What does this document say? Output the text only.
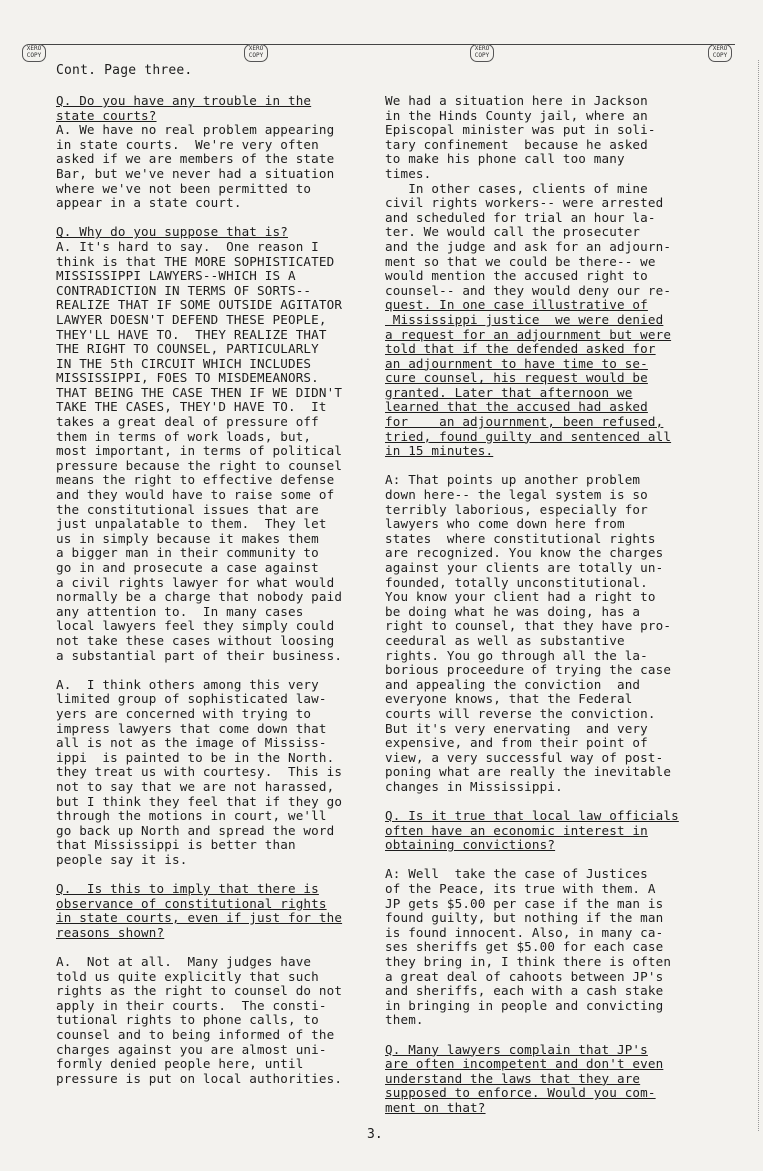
XERO COPY
XERO COPY
XERO COPY
XERO COPY
Cont. Page three.
Q. Do you have any trouble in the
state courts?
A. We have no real problem appearing
in state courts.  We're very often
asked if we are members of the state
Bar, but we've never had a situation
where we've not been permitted to
appear in a state court.
Q. Why do you suppose that is?
A. It's hard to say.  One reason I
think is that THE MORE SOPHISTICATED
MISSISSIPPI LAWYERS--WHICH IS A
CONTRADICTION IN TERMS OF SORTS--
REALIZE THAT IF SOME OUTSIDE AGITATOR
LAWYER DOESN'T DEFEND THESE PEOPLE,
THEY'LL HAVE TO.  THEY REALIZE THAT
THE RIGHT TO COUNSEL, PARTICULARLY
IN THE 5th CIRCUIT WHICH INCLUDES
MISSISSIPPI, FOES TO MISDEMEANORS.
THAT BEING THE CASE THEN IF WE DIDN'T
TAKE THE CASES, THEY'D HAVE TO.  It
takes a great deal of pressure off
them in terms of work loads, but,
most important, in terms of political
pressure because the right to counsel
means the right to effective defense
and they would have to raise some of
the constitutional issues that are
just unpalatable to them.  They let
us in simply because it makes them
a bigger man in their community to
go in and prosecute a case against
a civil rights lawyer for what would
normally be a charge that nobody paid
any attention to.  In many cases
local lawyers feel they simply could
not take these cases without loosing
a substantial part of their business.
A.  I think others among this very
limited group of sophisticated law-
yers are concerned with trying to
impress lawyers that come down that
all is not as the image of Mississ-
ippi  is painted to be in the North.
they treat us with courtesy.  This is
not to say that we are not harassed,
but I think they feel that if they go
through the motions in court, we'll
go back up North and spread the word
that Mississippi is better than
people say it is.
Q.  Is this to imply that there is
observance of constitutional rights
in state courts, even if just for the
reasons shown?
A.  Not at all.  Many judges have
told us quite explicitly that such
rights as the right to counsel do not
apply in their courts.  The consti-
tutional rights to phone calls, to
counsel and to being informed of the
charges against you are almost uni-
formly denied people here, until
pressure is put on local authorities.
We had a situation here in Jackson
in the Hinds County jail, where an
Episcopal minister was put in soli-
tary confinement  because he asked
to make his phone call too many
times.
In other cases, clients of mine
civil rights workers-- were arrested
and scheduled for trial an hour la-
ter. We would call the prosecuter
and the judge and ask for an adjourn-
ment so that we could be there-- we
would mention the accused right to
counsel-- and they would deny our re-
quest. In one case illustrative of
Mississippi justice  we were denied
a request for an adjournment but were
told that if the defended asked for
an adjournment to have time to se-
cure counsel, his request would be
granted. Later that afternoon we
learned that the accused had asked
for    an adjournment, been refused,
tried, found guilty and sentenced all
in 15 minutes.
A: That points up another problem
down here-- the legal system is so
terribly laborious, especially for
lawyers who come down here from
states  where constitutional rights
are recognized. You know the charges
against your clients are totally un-
founded, totally unconstitutional.
You know your client had a right to
be doing what he was doing, has a
right to counsel, that they have pro-
ceedural as well as substantive
rights. You go through all the la-
borious proceedure of trying the case
and appealing the conviction  and
everyone knows, that the Federal
courts will reverse the conviction.
But it's very enervating  and very
expensive, and from their point of
view, a very successful way of post-
poning what are really the inevitable
changes in Mississippi.
Q. Is it true that local law officials
often have an economic interest in
obtaining convictions?
A: Well  take the case of Justices
of the Peace, its true with them. A
JP gets $5.00 per case if the man is
found guilty, but nothing if the man
is found innocent. Also, in many ca-
ses sheriffs get $5.00 for each case
they bring in, I think there is often
a great deal of cahoots between JP's
and sheriffs, each with a cash stake
in bringing in people and convicting
them.
Q. Many lawyers complain that JP's
are often incompetent and don't even
understand the laws that they are
supposed to enforce. Would you com-
ment on that?
3.
